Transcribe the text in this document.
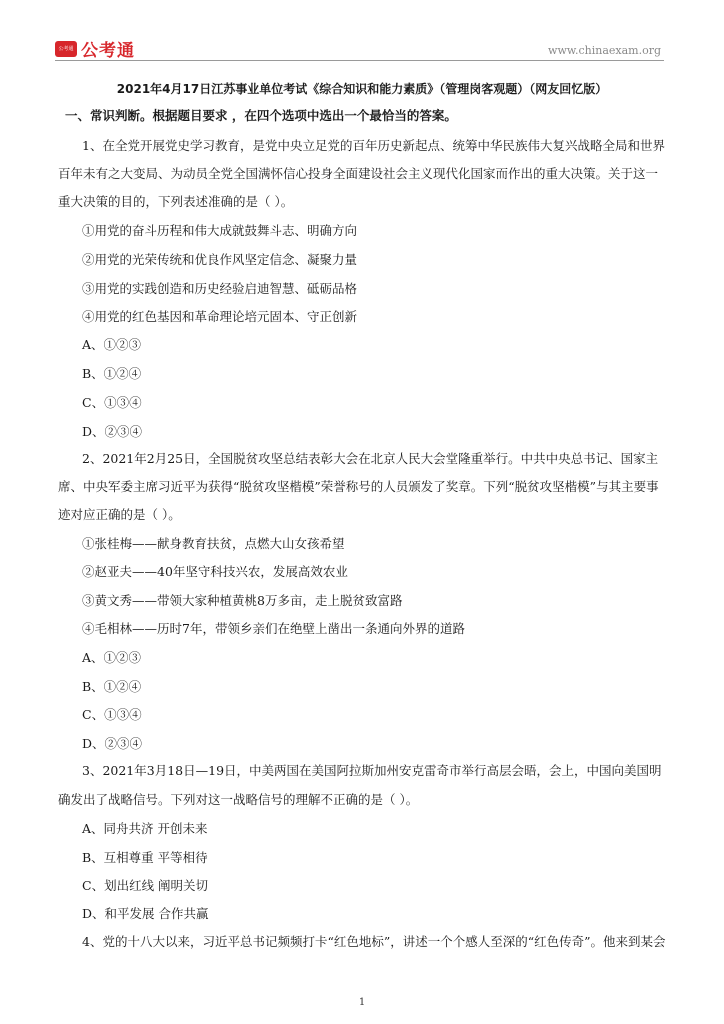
公考通 公考通	www.chinaexam.org
2021年4月17日江苏事业单位考试《综合知识和能力素质》（管理岗客观题）（网友回忆版）
一、常识判断。根据题目要求 ，在四个选项中选出一个最恰当的答案。
1、在全党开展党史学习教育，是党中央立足党的百年历史新起点、统筹中华民族伟大复兴战略全局和世界
百年未有之大变局、为动员全党全国满怀信心投身全面建设社会主义现代化国家而作出的重大决策。关于这一
重大决策的目的，下列表述准确的是（ ）。
①用党的奋斗历程和伟大成就鼓舞斗志、明确方向
②用党的光荣传统和优良作风坚定信念、凝聚力量
③用党的实践创造和历史经验启迪智慧、砥砺品格
④用党的红色基因和革命理论培元固本、守正创新
A、①②③
B、①②④
C、①③④
D、②③④
2、2021年2月25日，全国脱贫攻坚总结表彰大会在北京人民大会堂隆重举行。中共中央总书记、国家主
席、中央军委主席习近平为获得“脱贫攻坚楷模”荣誉称号的人员颁发了奖章。下列“脱贫攻坚楷模”与其主要事
迹对应正确的是（ ）。
①张桂梅——献身教育扶贫，点燃大山女孩希望
②赵亚夫——40年坚守科技兴农，发展高效农业
③黄文秀——带领大家种植黄桃8万多亩，走上脱贫致富路
④毛相林——历时7年，带领乡亲们在绝壁上凿出一条通向外界的道路
A、①②③
B、①②④
C、①③④
D、②③④
3、2021年3月18日—19日，中美两国在美国阿拉斯加州安克雷奇市举行高层会晤，会上，中国向美国明
确发出了战略信号。下列对这一战略信号的理解不正确的是（ ）。
A、同舟共济 开创未来
B、互相尊重 平等相待
C、划出红线 阐明关切
D、和平发展 合作共赢
4、党的十八大以来，习近平总书记频频打卡“红色地标”，讲述一个个感人至深的“红色传奇”。他来到某会
1
